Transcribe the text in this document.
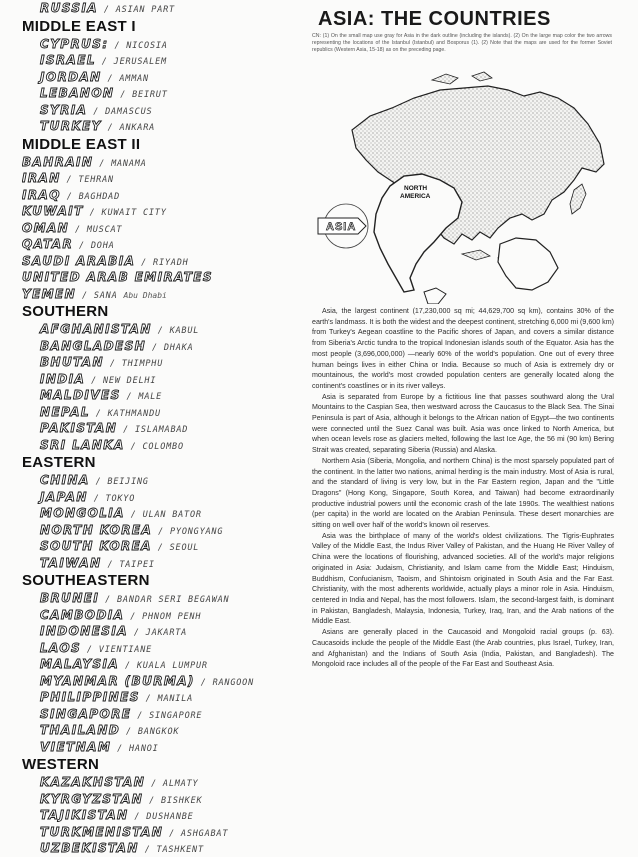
RUSSIA / ASIAN PART
MIDDLE EAST I
CYPRUS: / NICOSIA
ISRAEL / JERUSALEM
JORDAN / AMMAN
LEBANON / BEIRUT
SYRIA / DAMASCUS
TURKEY / ANKARA
MIDDLE EAST II
BAHRAIN / MANAMA
IRAN / TEHRAN
IRAQ / BAGHDAD
KUWAIT / KUWAIT CITY
OMAN / MUSCAT
QATAR / DOHA
SAUDI ARABIA / RIYADH
UNITED ARAB EMIRATES
YEMEN / SANA Abu Dhabi
SOUTHERN
AFGHANISTAN / KABUL
BANGLADESH / DHAKA
BHUTAN / THIMPHU
INDIA / NEW DELHI
MALDIVES / MALE
NEPAL / KATHMANDU
PAKISTAN / ISLAMABAD
SRI LANKA / COLOMBO
EASTERN
CHINA / BEIJING
JAPAN / TOKYO
MONGOLIA / ULAN BATOR
NORTH KOREA / PYONGYANG
SOUTH KOREA / SEOUL
TAIWAN / TAIPEI
SOUTHEASTERN
BRUNEI / BANDAR SERI BEGAWAN
CAMBODIA / PHNOM PENH
INDONESIA / JAKARTA
LAOS / VIENTIANE
MALAYSIA / KUALA LUMPUR
MYANMAR (BURMA) / RANGOON
PHILIPPINES / MANILA
SINGAPORE / SINGAPORE
THAILAND / BANGKOK
VIETNAM / HANOI
WESTERN
KAZAKHSTAN / ALMATY
KYRGYZSTAN / BISHKEK
TAJIKISTAN / DUSHANBE
TURKMENISTAN / ASHGABAT
UZBEKISTAN / TASHKENT
ASIA: THE COUNTRIES
CN: (1) On the small map use gray for Asia in the dark outline (including the islands). (2) On the large map color the two arrows representing the locations of the Istanbul (Istanbul) and Bosporus (1). (2) Note that the maps are used for the former Soviet republics (Western Asia, 15-18) as on the preceding page.
ASIA
NORTH
AMERICA

Asia, the largest continent (17,230,000 sq mi; 44,629,700 sq km), contains 30% of the earth's landmass. It is both the widest and the deepest continent, stretching 6,000 mi (9,600 km) from Turkey's Aegean coastline to the Pacific shores of Japan, and covers a similar distance from Siberia's Arctic tundra to the tropical Indonesian islands south of the Equator. Asia has the most people (3,696,000,000) —nearly 60% of the world's population. One out of every three human beings lives in either China or India. Because so much of Asia is extremely dry or mountainous, the world's most crowded population centers are generally located along the continent's coastlines or in its river valleys.

Asia is separated from Europe by a fictitious line that passes southward along the Ural Mountains to the Caspian Sea, then westward across the Caucasus to the Black Sea. The Sinai Peninsula is part of Asia, although it belongs to the African nation of Egypt—the two continents were connected until the Suez Canal was built. Asia was once linked to North America, but when ocean levels rose as glaciers melted, following the last Ice Age, the 56 mi (90 km) Bering Strait was created, separating Siberia (Russia) and Alaska.

Northern Asia (Siberia, Mongolia, and northern China) is the most sparsely populated part of the continent. In the latter two nations, animal herding is the main industry. Most of Asia is rural, and the standard of living is very low, but in the Far Eastern region, Japan and the "Little Dragons" (Hong Kong, Singapore, South Korea, and Taiwan) had become extraordinarily productive industrial powers until the economic crash of the late 1990s. The wealthiest nations (per capita) in the world are located on the Arabian Peninsula. These desert monarchies are sitting on well over half of the world's known oil reserves.

Asia was the birthplace of many of the world's oldest civilizations. The Tigris-Euphrates Valley of the Middle East, the Indus River Valley of Pakistan, and the Huang He River Valley of China were the locations of flourishing, advanced societies. All of the world's major religions originated in Asia: Judaism, Christianity, and Islam came from the Middle East; Hinduism, Buddhism, Confucianism, Taoism, and Shintoism originated in South Asia and the Far East. Christianity, with the most adherents worldwide, actually plays a minor role in Asia. Hinduism, centered in India and Nepal, has the most followers. Islam, the second-largest faith, is dominant in Pakistan, Bangladesh, Malaysia, Indonesia, Turkey, Iraq, Iran, and the Arab nations of the Middle East.

Asians are generally placed in the Caucasoid and Mongoloid racial groups (p. 63). Caucasoids include the people of the Middle East (the Arab countries, plus Israel, Turkey, Iran, and Afghanistan) and the Indians of South Asia (India, Pakistan, and Bangladesh). The Mongoloid race includes all of the people of the Far East and Southeast Asia.
